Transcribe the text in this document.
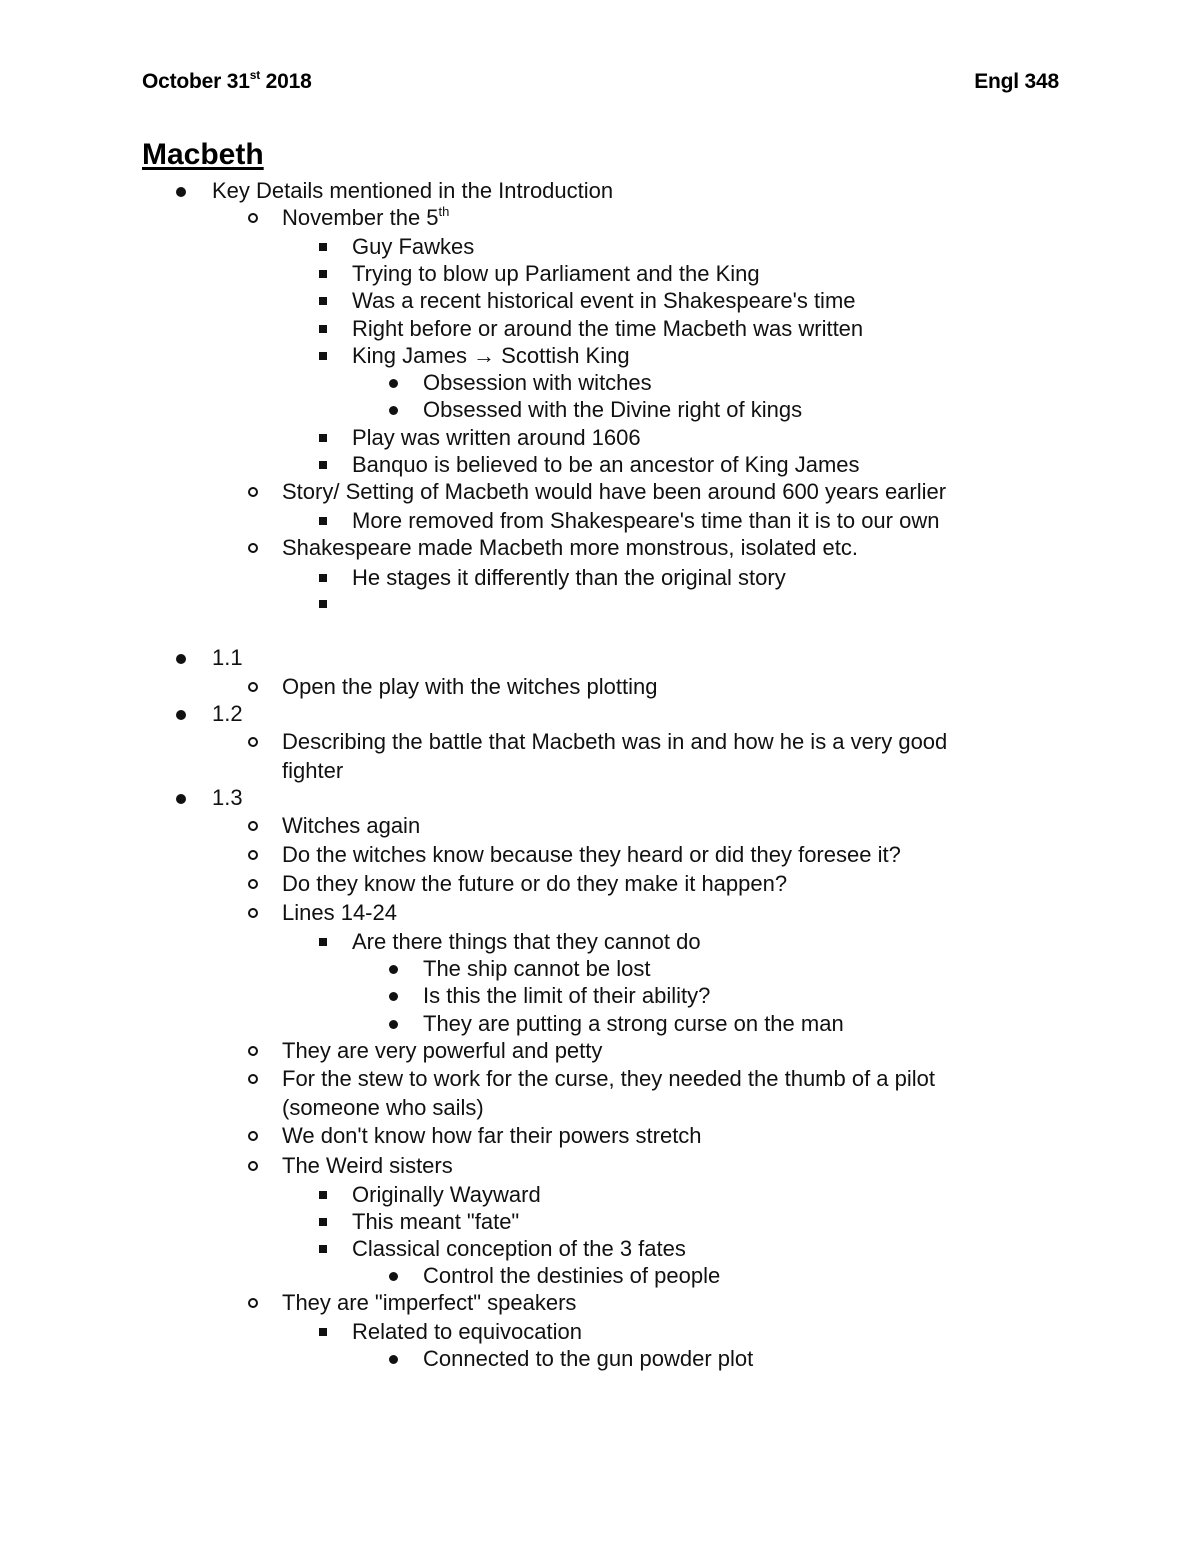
October 31st 2018	Engl 348
Macbeth
Key Details mentioned in the Introduction
November the 5th
Guy Fawkes
Trying to blow up Parliament and the King
Was a recent historical event in Shakespeare's time
Right before or around the time Macbeth was written
King James → Scottish King
Obsession with witches
Obsessed with the Divine right of kings
Play was written around 1606
Banquo is believed to be an ancestor of King James
Story/ Setting of Macbeth would have been around 600 years earlier
More removed from Shakespeare's time than it is to our own
Shakespeare made Macbeth more monstrous, isolated etc.
He stages it differently than the original story
1.1
Open the play with the witches plotting
1.2
Describing the battle that Macbeth was in and how he is a very good
fighter
1.3
Witches again
Do the witches know because they heard or did they foresee it?
Do they know the future or do they make it happen?
Lines 14-24
Are there things that they cannot do
The ship cannot be lost
Is this the limit of their ability?
They are putting a strong curse on the man
They are very powerful and petty
For the stew to work for the curse, they needed the thumb of a pilot
(someone who sails)
We don't know how far their powers stretch
The Weird sisters
Originally Wayward
This meant "fate"
Classical conception of the 3 fates
Control the destinies of people
They are "imperfect" speakers
Related to equivocation
Connected to the gun powder plot
